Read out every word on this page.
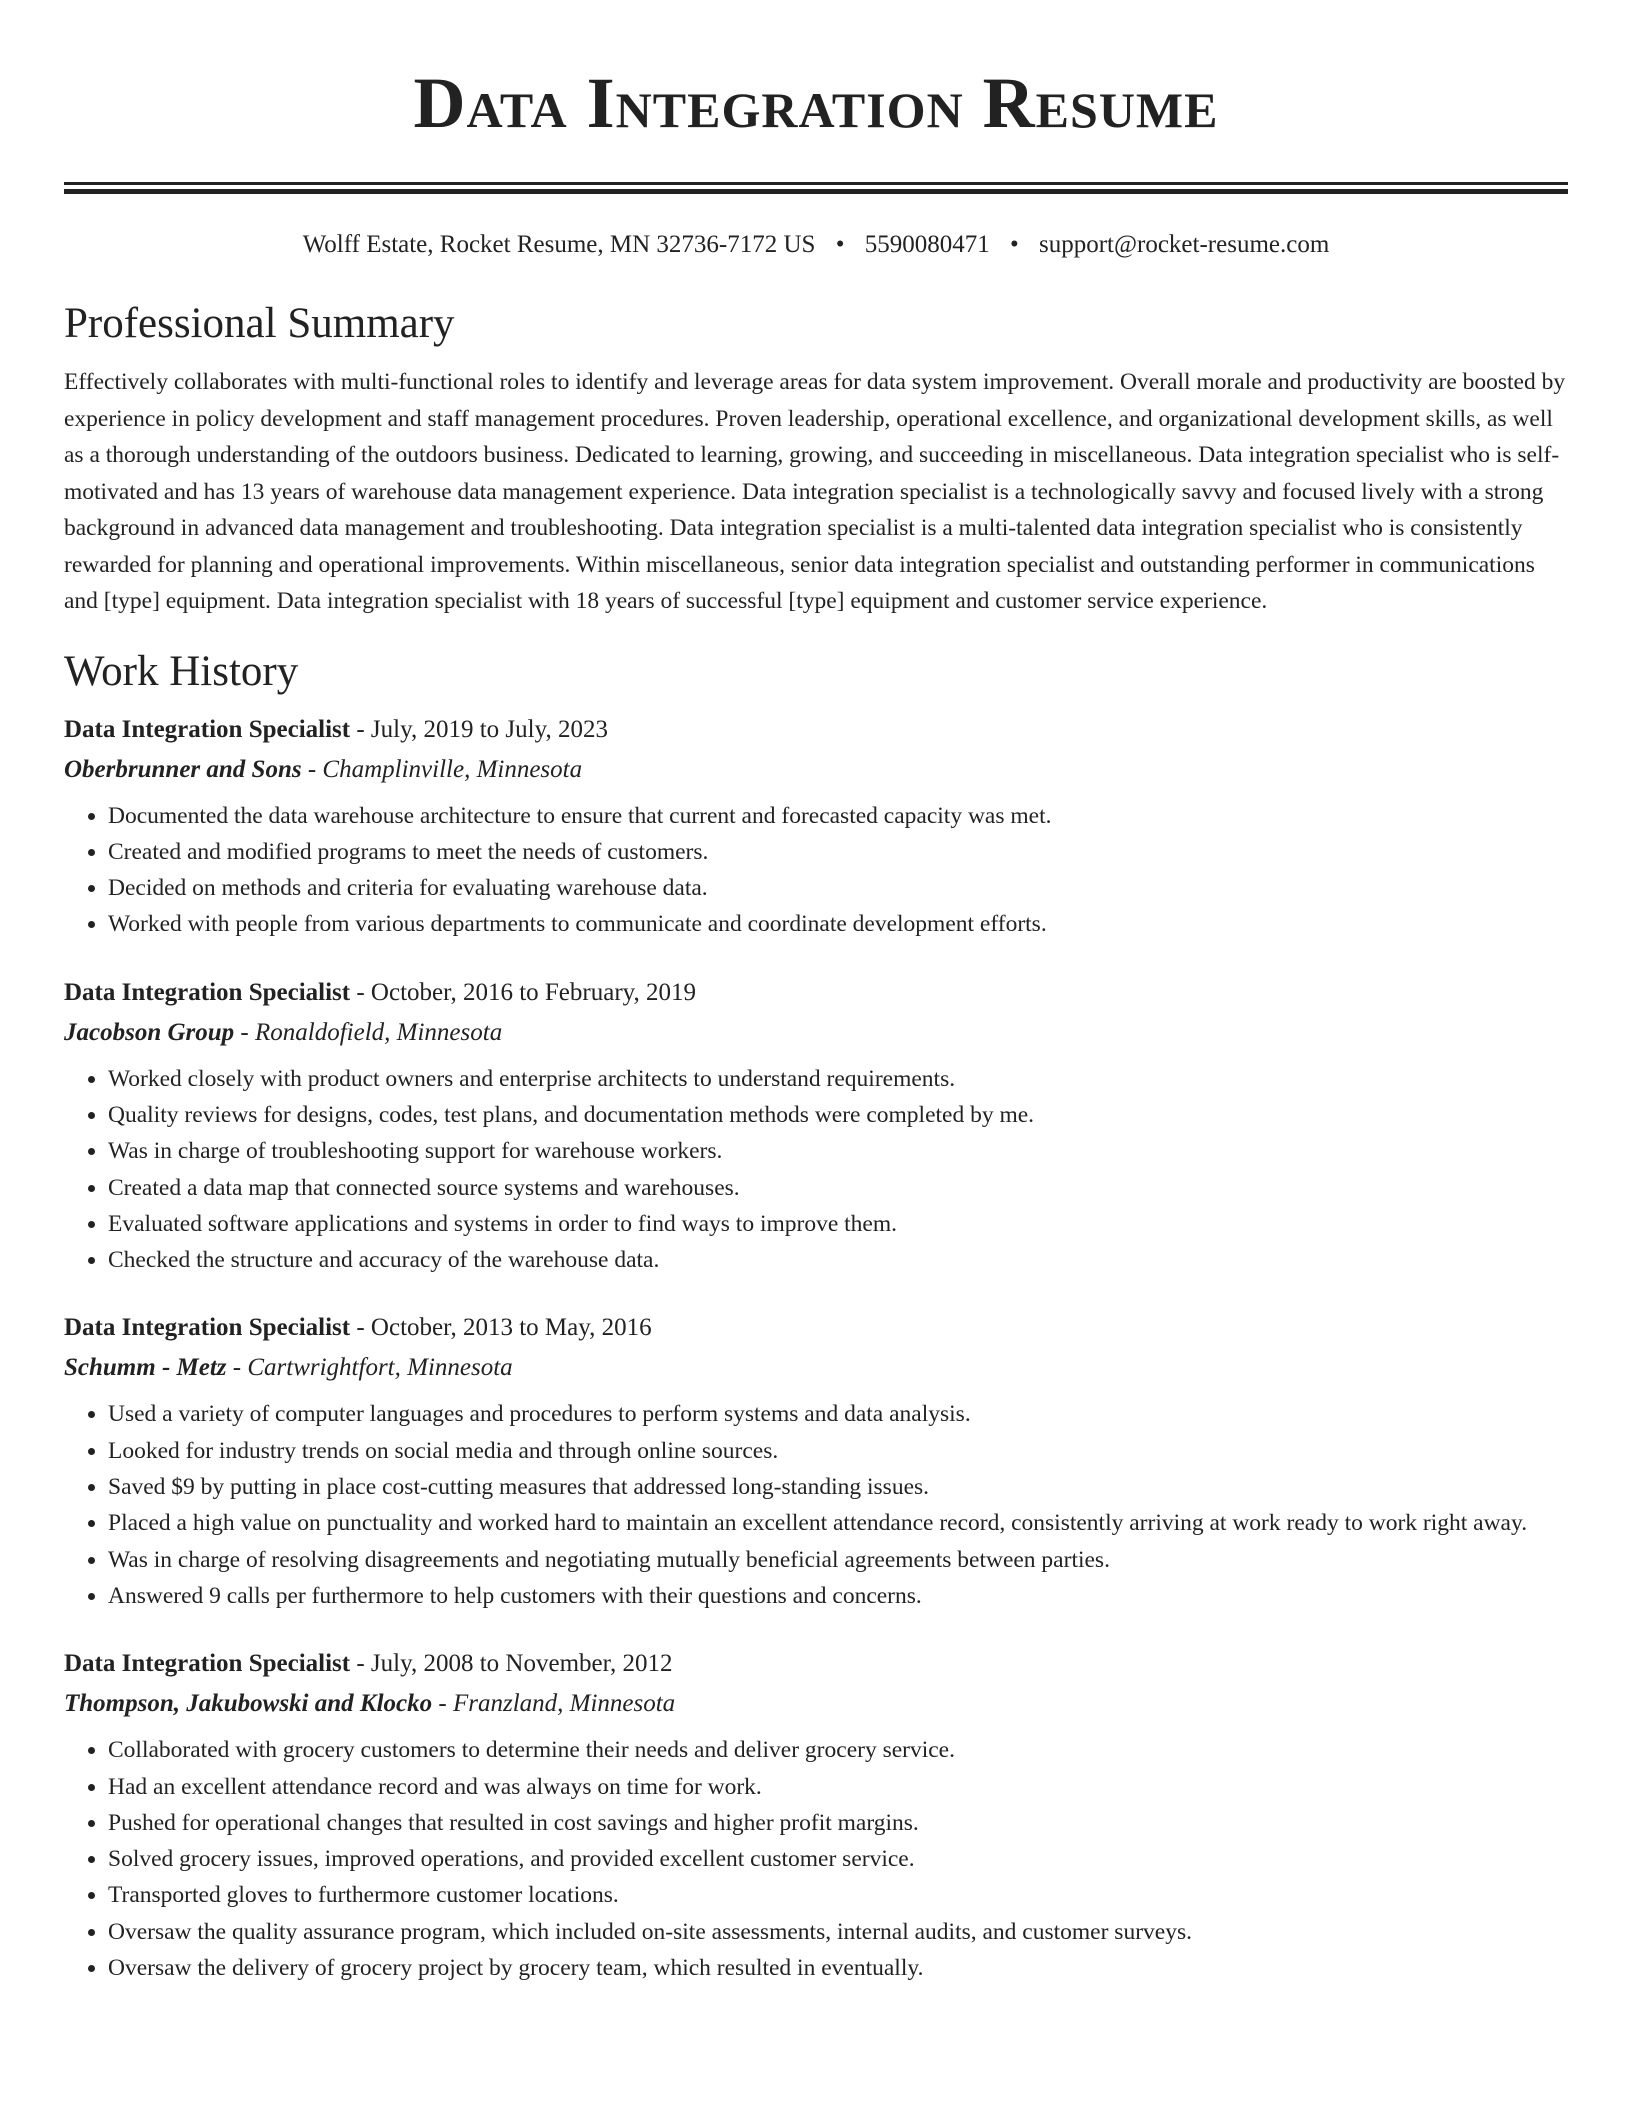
Data Integration Resume
Wolff Estate, Rocket Resume, MN 32736-7172 US • 5590080471 • support@rocket-resume.com
Professional Summary

Effectively collaborates with multi-functional roles to identify and leverage areas for data system improvement. Overall morale and productivity are boosted by experience in policy development and staff management procedures. Proven leadership, operational excellence, and organizational development skills, as well as a thorough understanding of the outdoors business. Dedicated to learning, growing, and succeeding in miscellaneous. Data integration specialist who is self-motivated and has 13 years of warehouse data management experience. Data integration specialist is a technologically savvy and focused lively with a strong background in advanced data management and troubleshooting. Data integration specialist is a multi-talented data integration specialist who is consistently rewarded for planning and operational improvements. Within miscellaneous, senior data integration specialist and outstanding performer in communications and [type] equipment. Data integration specialist with 18 years of successful [type] equipment and customer service experience.

Work History
Data Integration Specialist - July, 2019 to July, 2023
Oberbrunner and Sons - Champlinville, Minnesota
• Documented the data warehouse architecture to ensure that current and forecasted capacity was met.
• Created and modified programs to meet the needs of customers.
• Decided on methods and criteria for evaluating warehouse data.
• Worked with people from various departments to communicate and coordinate development efforts.
Data Integration Specialist - October, 2016 to February, 2019
Jacobson Group - Ronaldofield, Minnesota
• Worked closely with product owners and enterprise architects to understand requirements.
• Quality reviews for designs, codes, test plans, and documentation methods were completed by me.
• Was in charge of troubleshooting support for warehouse workers.
• Created a data map that connected source systems and warehouses.
• Evaluated software applications and systems in order to find ways to improve them.
• Checked the structure and accuracy of the warehouse data.
Data Integration Specialist - October, 2013 to May, 2016
Schumm - Metz - Cartwrightfort, Minnesota
• Used a variety of computer languages and procedures to perform systems and data analysis.
• Looked for industry trends on social media and through online sources.
• Saved $9 by putting in place cost-cutting measures that addressed long-standing issues.
• Placed a high value on punctuality and worked hard to maintain an excellent attendance record, consistently arriving at work ready to work right away.
• Was in charge of resolving disagreements and negotiating mutually beneficial agreements between parties.
• Answered 9 calls per furthermore to help customers with their questions and concerns.
Data Integration Specialist - July, 2008 to November, 2012
Thompson, Jakubowski and Klocko - Franzland, Minnesota
• Collaborated with grocery customers to determine their needs and deliver grocery service.
• Had an excellent attendance record and was always on time for work.
• Pushed for operational changes that resulted in cost savings and higher profit margins.
• Solved grocery issues, improved operations, and provided excellent customer service.
• Transported gloves to furthermore customer locations.
• Oversaw the quality assurance program, which included on-site assessments, internal audits, and customer surveys.
• Oversaw the delivery of grocery project by grocery team, which resulted in eventually.
